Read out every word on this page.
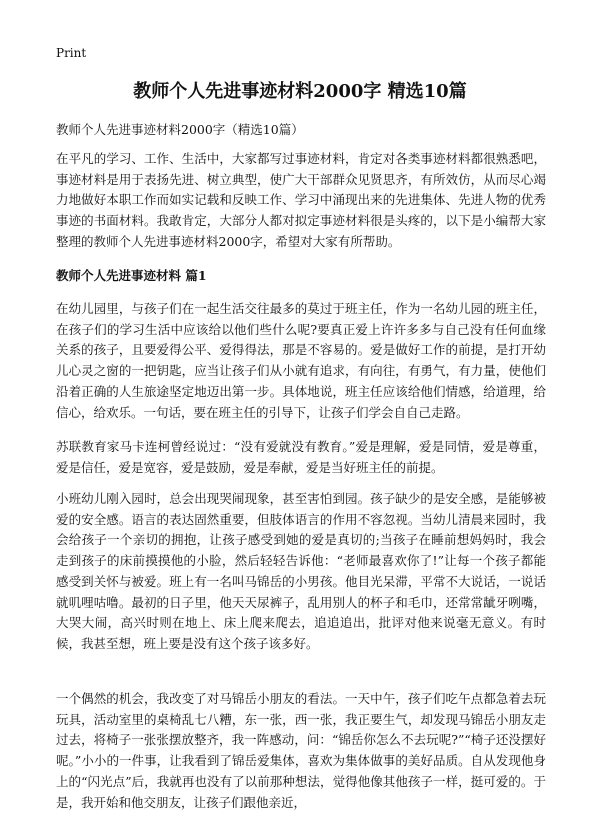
Print
教师个人先进事迹材料2000字 精选10篇

教师个人先进事迹材料2000字（精选10篇）

在平凡的学习、工作、生活中，大家都写过事迹材料，肯定对各类事迹材料都很熟悉吧，事迹材料是用于表扬先进、树立典型，使广大干部群众见贤思齐，有所效仿，从而尽心竭力地做好本职工作而如实记载和反映工作、学习中涌现出来的先进集体、先进人物的优秀事迹的书面材料。我敢肯定，大部分人都对拟定事迹材料很是头疼的，以下是小编帮大家整理的教师个人先进事迹材料2000字，希望对大家有所帮助。

教师个人先进事迹材料 篇1

在幼儿园里，与孩子们在一起生活交往最多的莫过于班主任，作为一名幼儿园的班主任，在孩子们的学习生活中应该给以他们些什么呢?要真正爱上许许多多与自己没有任何血缘关系的孩子，且要爱得公平、爱得得法，那是不容易的。爱是做好工作的前提，是打开幼儿心灵之窗的一把钥匙，应当让孩子们从小就有追求，有向往，有勇气，有力量，使他们沿着正确的人生旅途坚定地迈出第一步。具体地说，班主任应该给他们情感，给道理，给信心，给欢乐。一句话，要在班主任的引导下，让孩子们学会自自己走路。

苏联教育家马卡连柯曾经说过：“没有爱就没有教育。”爱是理解，爱是同情，爱是尊重，爱是信任，爱是宽容，爱是鼓励，爱是奉献，爱是当好班主任的前提。

小班幼儿刚入园时，总会出现哭闹现象，甚至害怕到园。孩子缺少的是安全感，是能够被爱的安全感。语言的表达固然重要，但肢体语言的作用不容忽视。当幼儿清晨来园时，我会给孩子一个亲切的拥抱，让孩子感受到她的爱是真切的;当孩子在睡前想妈妈时，我会走到孩子的床前摸摸他的小脸，然后轻轻告诉他：“老师最喜欢你了!”让每一个孩子都能感受到关怀与被爱。班上有一名叫马锦岳的小男孩。他目光呆滞，平常不大说话，一说话就叽哩咕噜。最初的日子里，他天天尿裤子，乱用别人的杯子和毛巾，还常常龇牙咧嘴，大哭大闹，高兴时则在地上、床上爬来爬去，追追追出，批评对他来说毫无意义。有时候，我甚至想，班上要是没有这个孩子该多好。

一个偶然的机会，我改变了对马锦岳小朋友的看法。一天中午，孩子们吃午点都急着去玩玩具，活动室里的桌椅乱七八糟，东一张，西一张，我正要生气，却发现马锦岳小朋友走过去，将椅子一张张摆放整齐，我一阵感动，问：“锦岳你怎么不去玩呢?”“椅子还没摆好呢。”小小的一件事，让我看到了锦岳爱集体，喜欢为集体做事的美好品质。自从发现他身上的“闪光点”后，我就再也没有了以前那种想法，觉得他像其他孩子一样，挺可爱的。于是，我开始和他交朋友，让孩子们跟他亲近，
